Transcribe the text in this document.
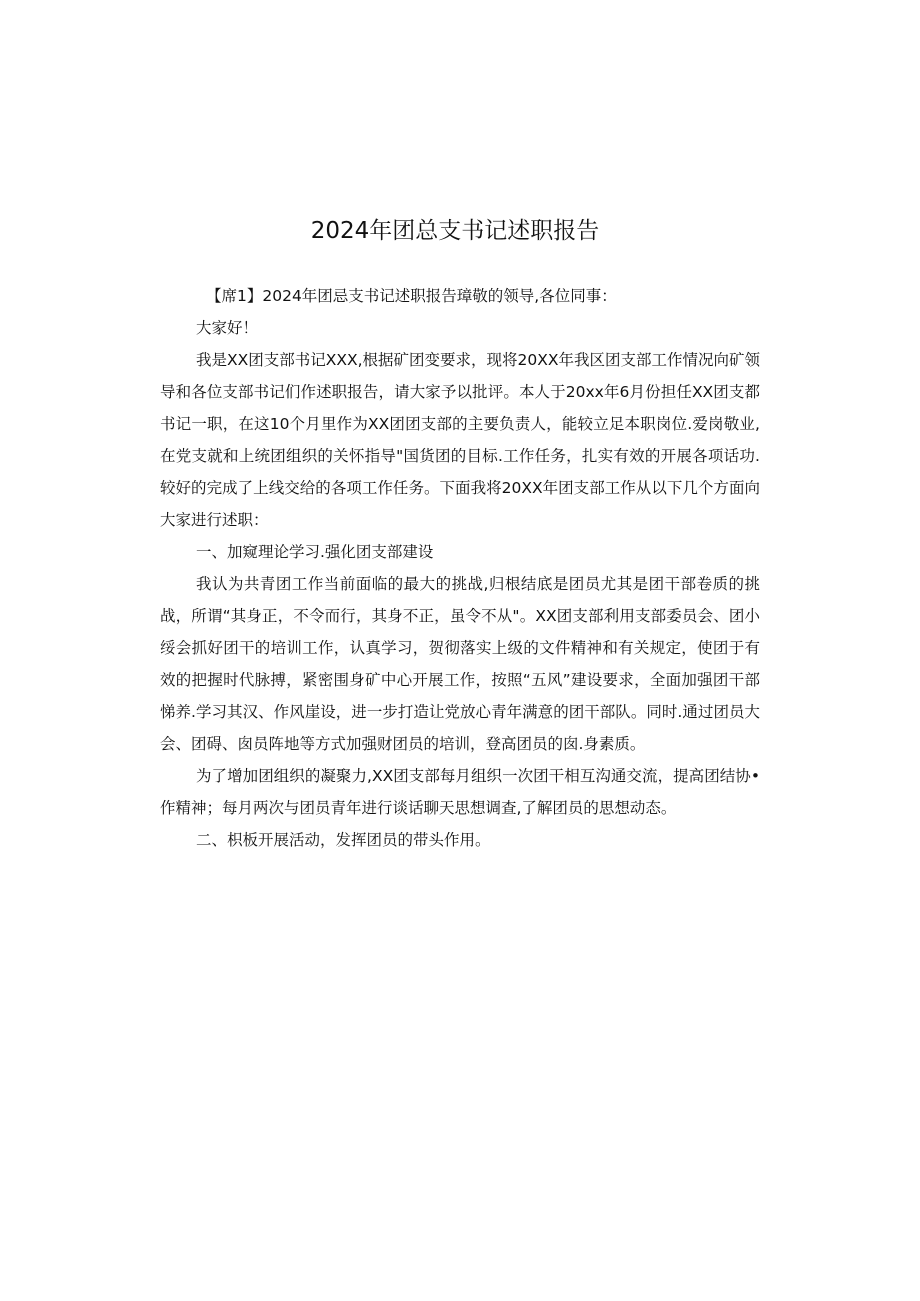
2024年团总支书记述职报告

【席1】2024年团忌支书记述职报告璋敬的领导,各位同事：

大家好！

我是XX团支部书记XXX,根据矿团变要求，现将20XX年我区团支部工作情况向矿领导和各位支部书记们作述职报告，请大家予以批评。本人于20xx年6月份担任XX团支都书记一职，在这10个月里作为XX团团支部的主要负责人，能较立足本职岗位.爱岗敬业,在党支就和上统团组织的关怀指导"国货团的目标.工作任务，扎实有效的开展各项话功.较好的完成了上线交给的各项工作任务。下面我将20XX年团支部工作从以下几个方面向大家进行述职：

一、加窥理论学习.强化团支部建设

我认为共青团工作当前面临的最大的挑战,归根结底是团员尤其是团干部卷质的挑战，所谓“其身正，不令而行，其身不正，虽令不从"。XX团支部利用支部委员会、团小绥会抓好团干的培训工作，认真学习，贺彻落实上级的文件精神和有关规定，使团于有效的把握时代脉搏，紧密围身矿中心开展工作，按照“五风”建设要求，全面加强团干部悌养.学习其汉、作风崖设，进一步打造让党放心青年满意的团干部队。同时.通过团员大会、团碍、囱员阵地等方式加强财团员的培训，登高团员的囱.身素质。

为了增加团组织的凝聚力,XX团支部每月组织一次团干相互沟通交流，提高团结协•作精神；每月两次与团员青年进行谈话聊天思想调查,了解团员的思想动态。

二、枳板开展活动，发挥团员的带头作用。
